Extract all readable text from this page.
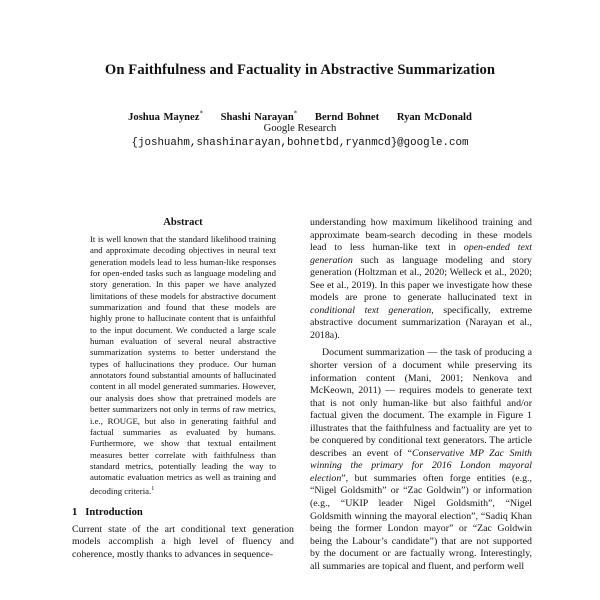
On Faithfulness and Factuality in Abstractive Summarization
Joshua Maynez* Shashi Narayan* Bernd Bohnet Ryan McDonald
Google Research
{joshuahm,shashinarayan,bohnetbd,ryanmcd}@google.com
Abstract
It is well known that the standard likelihood training and approximate decoding objectives in neural text generation models lead to less human-like responses for open-ended tasks such as language modeling and story generation. In this paper we have analyzed limitations of these models for abstractive document summarization and found that these models are highly prone to hallucinate content that is unfaithful to the input document. We conducted a large scale human evaluation of several neural abstractive summarization systems to better understand the types of hallucinations they produce. Our human annotators found substantial amounts of hallucinated content in all model generated summaries. However, our analysis does show that pretrained models are better summarizers not only in terms of raw metrics, i.e., ROUGE, but also in generating faithful and factual summaries as evaluated by humans. Furthermore, we show that textual entailment measures better correlate with faithfulness than standard metrics, potentially leading the way to automatic evaluation metrics as well as training and decoding criteria.$^1$
1 Introduction
Current state of the art conditional text generation models accomplish a high level of fluency and coherence, mostly thanks to advances in sequence-

understanding how maximum likelihood training and approximate beam-search decoding in these models lead to less human-like text in open-ended text generation such as language modeling and story generation (Holtzman et al., 2020; Welleck et al., 2020; See et al., 2019). In this paper we investigate how these models are prone to generate hallucinated text in conditional text generation, specifically, extreme abstractive document summarization (Narayan et al., 2018a).

Document summarization — the task of producing a shorter version of a document while preserving its information content (Mani, 2001; Nenkova and McKeown, 2011) — requires models to generate text that is not only human-like but also faithful and/or factual given the document. The example in Figure 1 illustrates that the faithfulness and factuality are yet to be conquered by conditional text generators. The article describes an event of “Conservative MP Zac Smith winning the primary for 2016 London mayoral election”, but summaries often forge entities (e.g., “Nigel Goldsmith” or “Zac Goldwin”) or information (e.g., “UKIP leader Nigel Goldsmith”, “Nigel Goldsmith winning the mayoral election”, “Sadiq Khan being the former London mayor” or “Zac Goldwin being the Labour’s candidate”) that are not supported by the document or are factually wrong. Interestingly, all summaries are topical and fluent, and perform well
